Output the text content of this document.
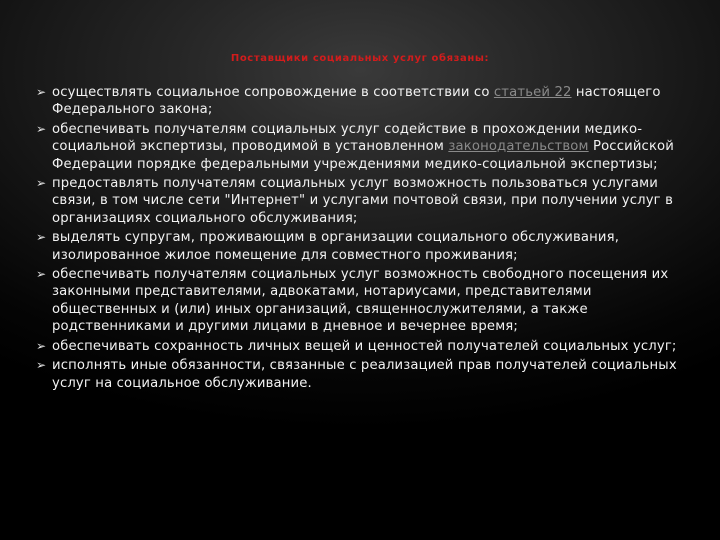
Поставщики социальных услуг обязаны:
➢ осуществлять социальное сопровождение в соответствии со статьей 22 настоящего Федерального закона;
➢ обеспечивать получателям социальных услуг содействие в прохождении медико-социальной экспертизы, проводимой в установленном законодательством Российской Федерации порядке федеральными учреждениями медико-социальной экспертизы;
➢ предоставлять получателям социальных услуг возможность пользоваться услугами связи, в том числе сети "Интернет" и услугами почтовой связи, при получении услуг в организациях социального обслуживания;
➢ выделять супругам, проживающим в организации социального обслуживания, изолированное жилое помещение для совместного проживания;
➢ обеспечивать получателям социальных услуг возможность свободного посещения их законными представителями, адвокатами, нотариусами, представителями общественных и (или) иных организаций, священнослужителями, а также родственниками и другими лицами в дневное и вечернее время;
➢ обеспечивать сохранность личных вещей и ценностей получателей социальных услуг;
➢ исполнять иные обязанности, связанные с реализацией прав получателей социальных услуг на социальное обслуживание.
